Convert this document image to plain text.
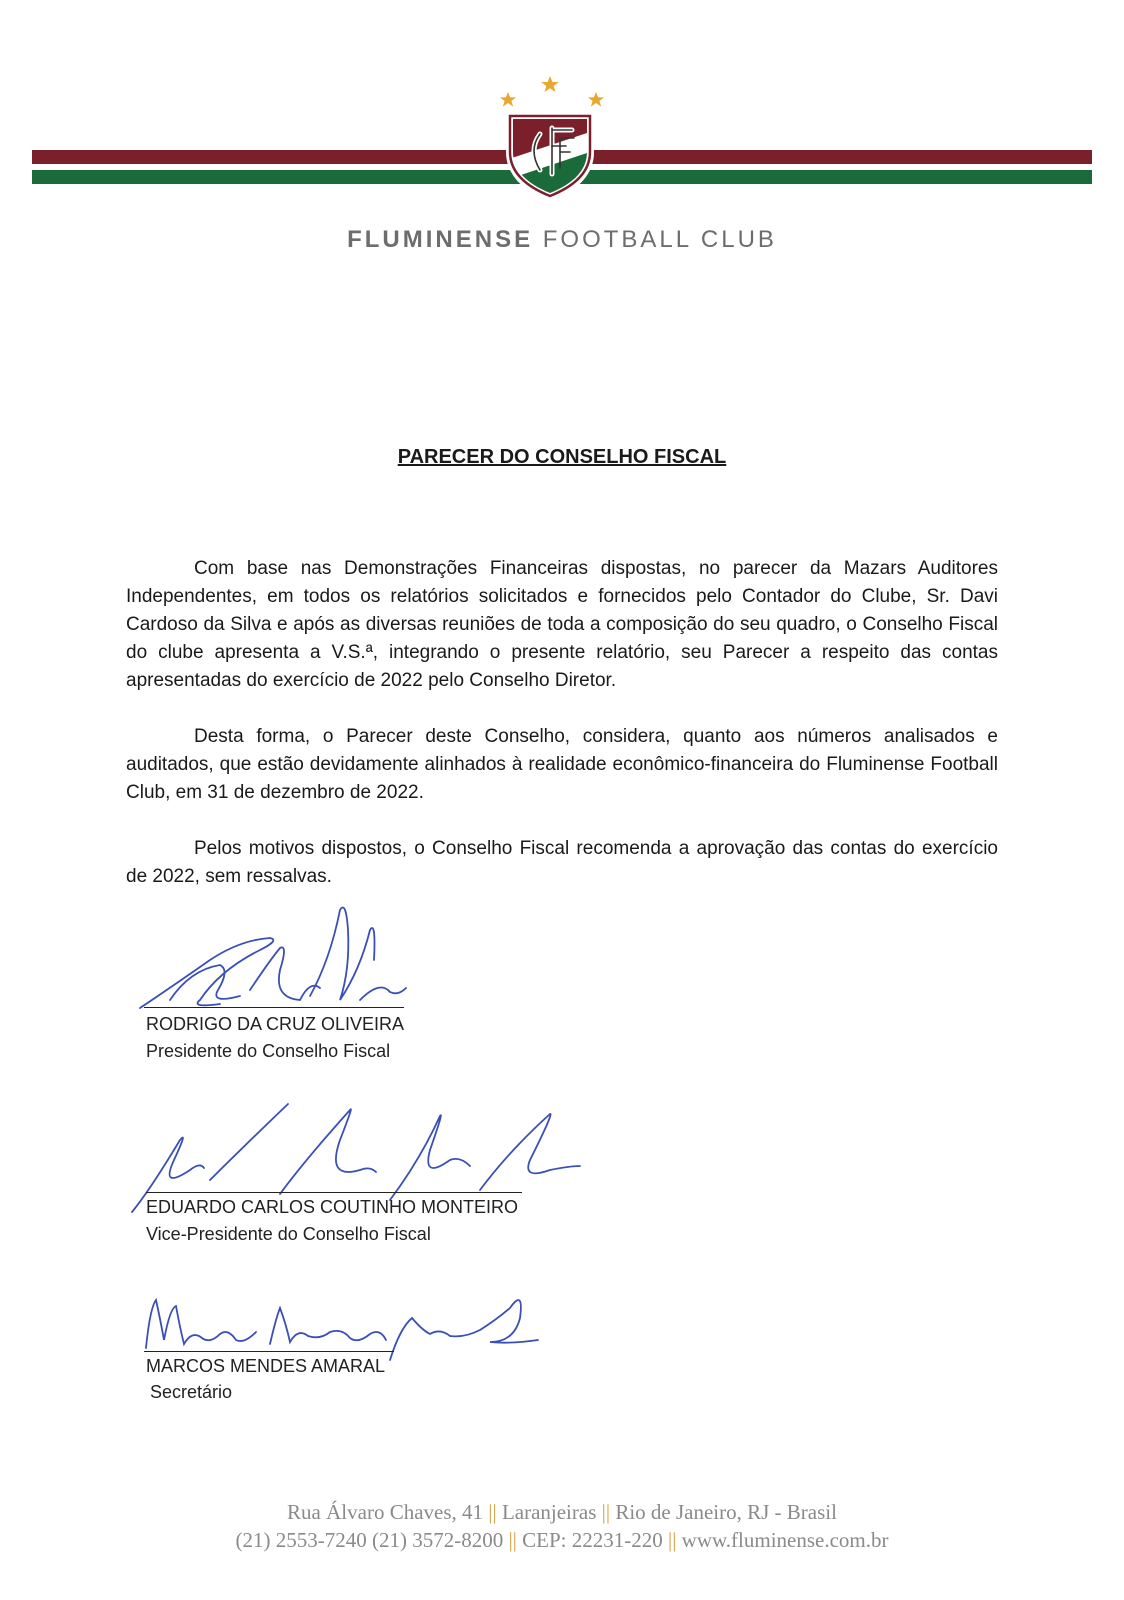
FLUMINENSE FOOTBALL CLUB
PARECER DO CONSELHO FISCAL

Com base nas Demonstrações Financeiras dispostas, no parecer da Mazars Auditores Independentes, em todos os relatórios solicitados e fornecidos pelo Contador do Clube, Sr. Davi Cardoso da Silva e após as diversas reuniões de toda a composição do seu quadro, o Conselho Fiscal do clube apresenta a V.S.ª, integrando o presente relatório, seu Parecer a respeito das contas apresentadas do exercício de 2022 pelo Conselho Diretor.

Desta forma, o Parecer deste Conselho, considera, quanto aos números analisados e auditados, que estão devidamente alinhados à realidade econômico-financeira do Fluminense Football Club, em 31 de dezembro de 2022.

Pelos motivos dispostos, o Conselho Fiscal recomenda a aprovação das contas do exercício de 2022, sem ressalvas.

RODRIGO DA CRUZ OLIVEIRA
Presidente do Conselho Fiscal
EDUARDO CARLOS COUTINHO MONTEIRO
Vice-Presidente do Conselho Fiscal
MARCOS MENDES AMARAL
Secretário
Rua Álvaro Chaves, 41 || Laranjeiras || Rio de Janeiro, RJ - Brasil
(21) 2553-7240 (21) 3572-8200 || CEP: 22231-220 || www.fluminense.com.br
